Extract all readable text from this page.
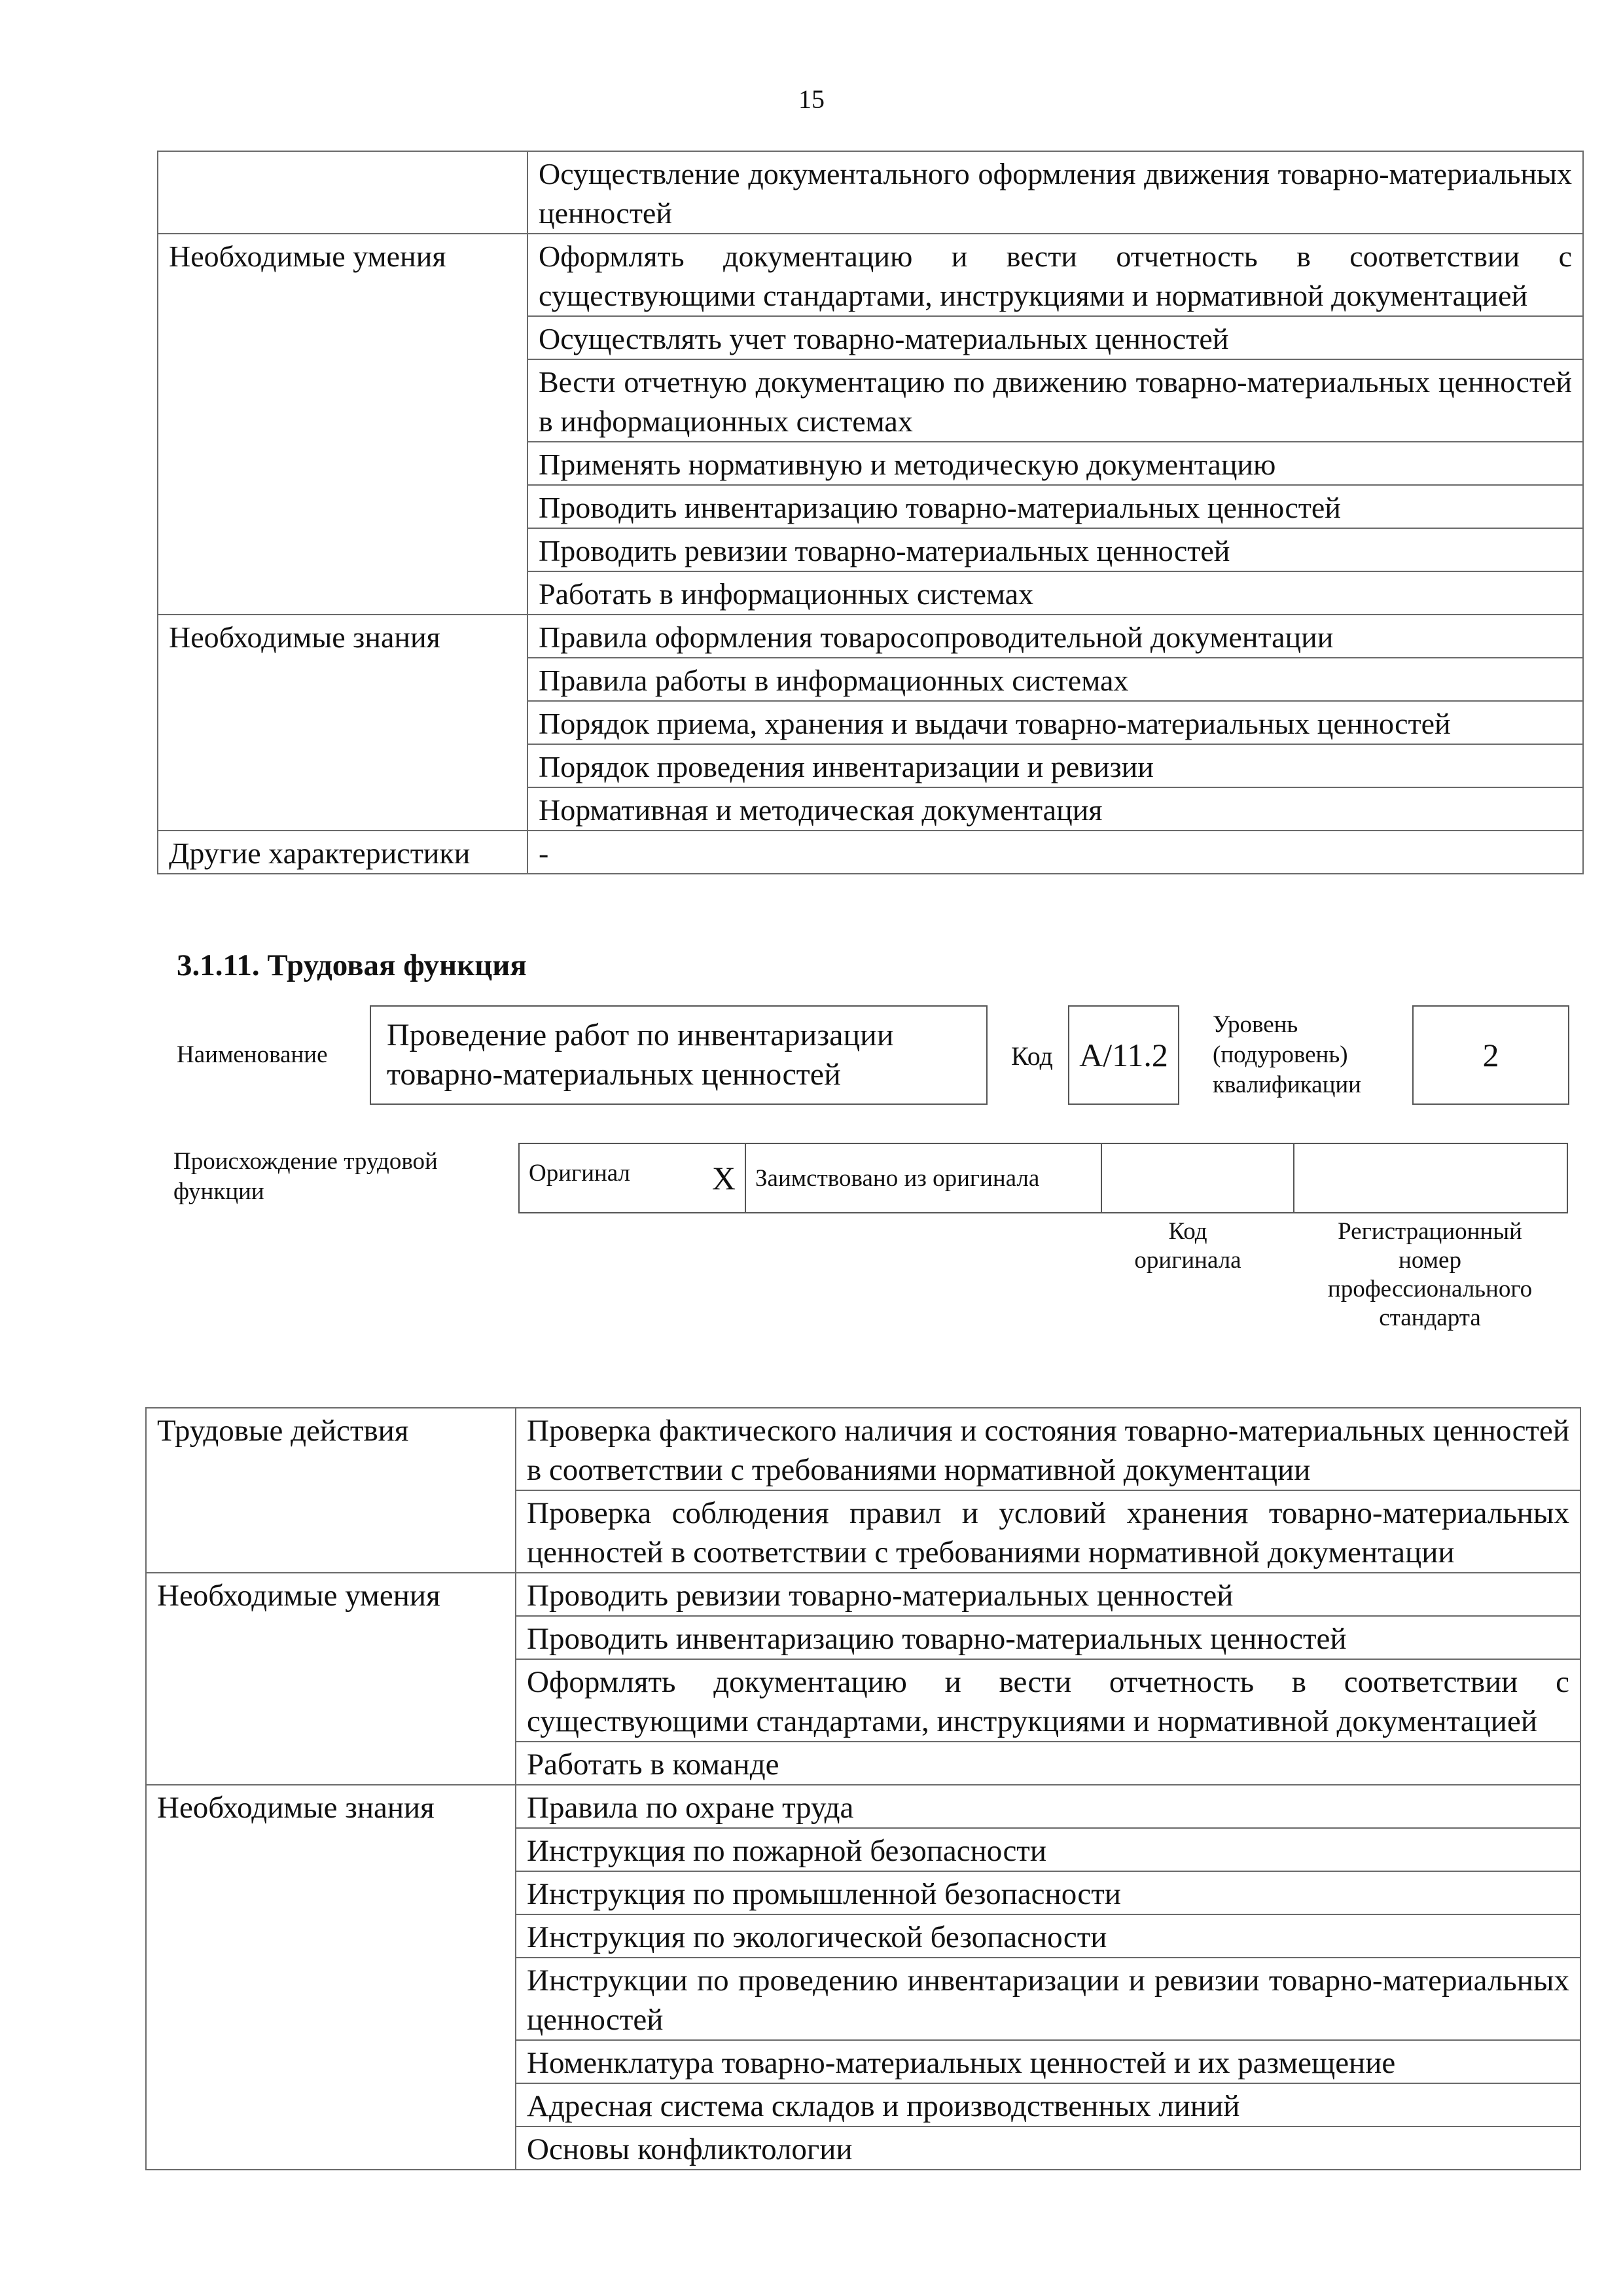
15
	Осуществление документального оформления движения товарно-материальных ценностей
Необходимые умения	Оформлять документацию и вести отчетность в соответствии с существующими стандартами, инструкциями и нормативной документацией
	Осуществлять учет товарно-материальных ценностей
	Вести отчетную документацию по движению товарно-материальных ценностей в информационных системах
	Применять нормативную и методическую документацию
	Проводить инвентаризацию товарно-материальных ценностей
	Проводить ревизии товарно-материальных ценностей
	Работать в информационных системах
Необходимые знания	Правила оформления товаросопроводительной документации
	Правила работы в информационных системах
	Порядок приема, хранения и выдачи товарно-материальных ценностей
	Порядок проведения инвентаризации и ревизии
	Нормативная и методическая документация
Другие характеристики	-
3.1.11. Трудовая функция
Наименование
Проведение работ по инвентаризации товарно-материальных ценностей
Код A/11.2
Уровень
(подуровень)
квалификации
2
Происхождение трудовой
функции
Оригинал X	Заимствовано из оригинала		
Код
оригинала
Регистрационный
номер
профессионального
стандарта
Трудовые действия	Проверка фактического наличия и состояния товарно-материальных ценностей в соответствии с требованиями нормативной документации
	Проверка соблюдения правил и условий хранения товарно-материальных ценностей в соответствии с требованиями нормативной документации
Необходимые умения	Проводить ревизии товарно-материальных ценностей
	Проводить инвентаризацию товарно-материальных ценностей
	Оформлять документацию и вести отчетность в соответствии с существующими стандартами, инструкциями и нормативной документацией
	Работать в команде
Необходимые знания	Правила по охране труда
	Инструкция по пожарной безопасности
	Инструкция по промышленной безопасности
	Инструкция по экологической безопасности
	Инструкции по проведению инвентаризации и ревизии товарно-материальных ценностей
	Номенклатура товарно-материальных ценностей и их размещение
	Адресная система складов и производственных линий
	Основы конфликтологии
